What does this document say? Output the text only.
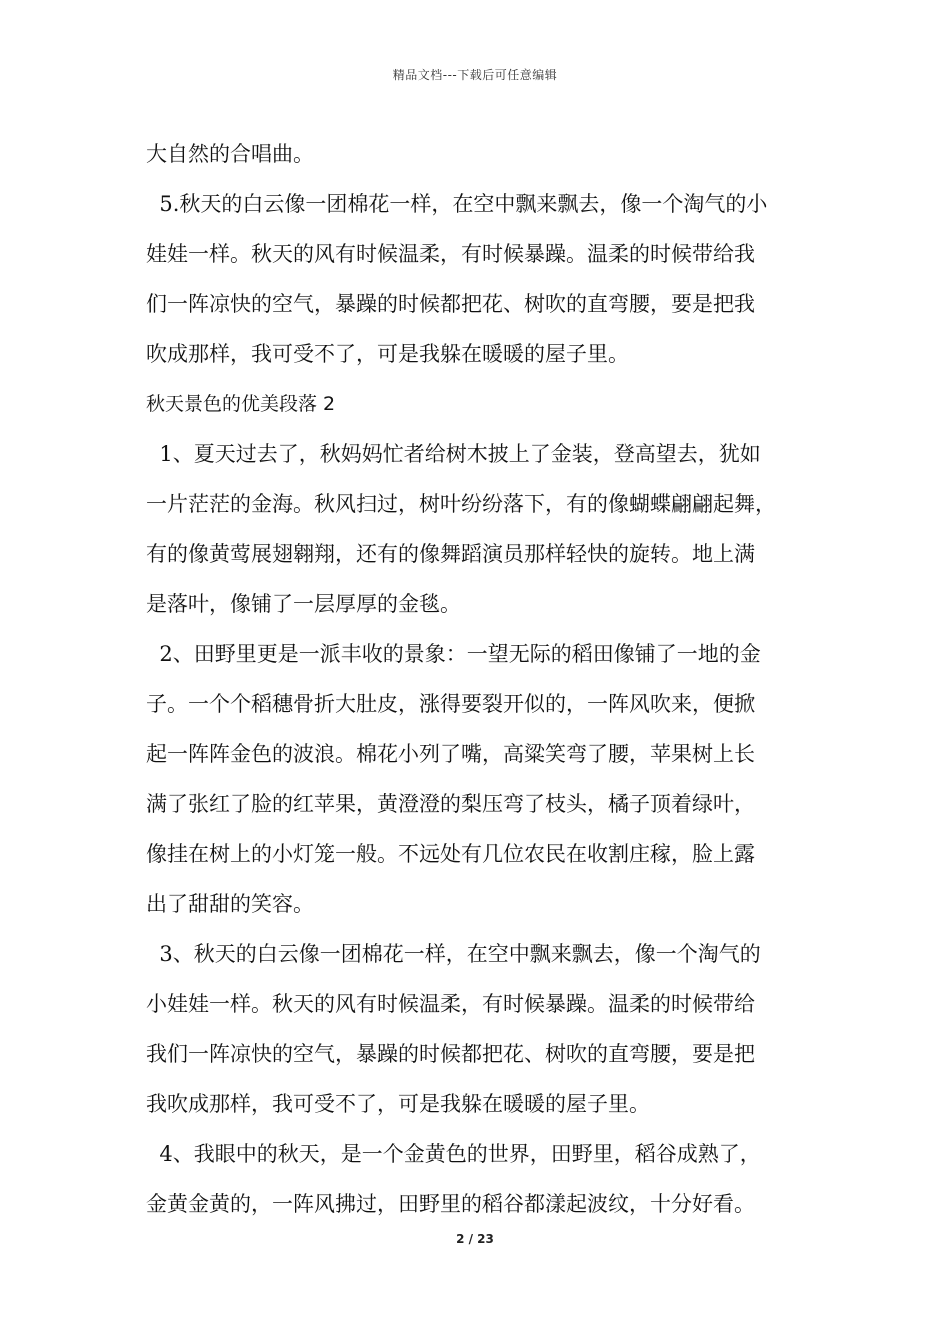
精品文档---下载后可任意编辑
大自然的合唱曲。
5.秋天的白云像一团棉花一样，在空中飘来飘去，像一个淘气的小
娃娃一样。秋天的风有时候温柔，有时候暴躁。温柔的时候带给我
们一阵凉快的空气，暴躁的时候都把花、树吹的直弯腰，要是把我
吹成那样，我可受不了，可是我躲在暖暖的屋子里。
秋天景色的优美段落 2
1、夏天过去了，秋妈妈忙者给树木披上了金装，登高望去，犹如
一片茫茫的金海。秋风扫过，树叶纷纷落下，有的像蝴蝶翩翩起舞，
有的像黄莺展翅翱翔，还有的像舞蹈演员那样轻快的旋转。地上满
是落叶，像铺了一层厚厚的金毯。
2、田野里更是一派丰收的景象：一望无际的稻田像铺了一地的金
子。一个个稻穗骨折大肚皮，涨得要裂开似的，一阵风吹来，便掀
起一阵阵金色的波浪。棉花小列了嘴，高粱笑弯了腰，苹果树上长
满了张红了脸的红苹果，黄澄澄的梨压弯了枝头，橘子顶着绿叶，
像挂在树上的小灯笼一般。不远处有几位农民在收割庄稼，脸上露
出了甜甜的笑容。
3、秋天的白云像一团棉花一样，在空中飘来飘去，像一个淘气的
小娃娃一样。秋天的风有时候温柔，有时候暴躁。温柔的时候带给
我们一阵凉快的空气，暴躁的时候都把花、树吹的直弯腰，要是把
我吹成那样，我可受不了，可是我躲在暖暖的屋子里。
4、我眼中的秋天，是一个金黄色的世界，田野里，稻谷成熟了，
金黄金黄的，一阵风拂过，田野里的稻谷都漾起波纹，十分好看。
2 / 23
